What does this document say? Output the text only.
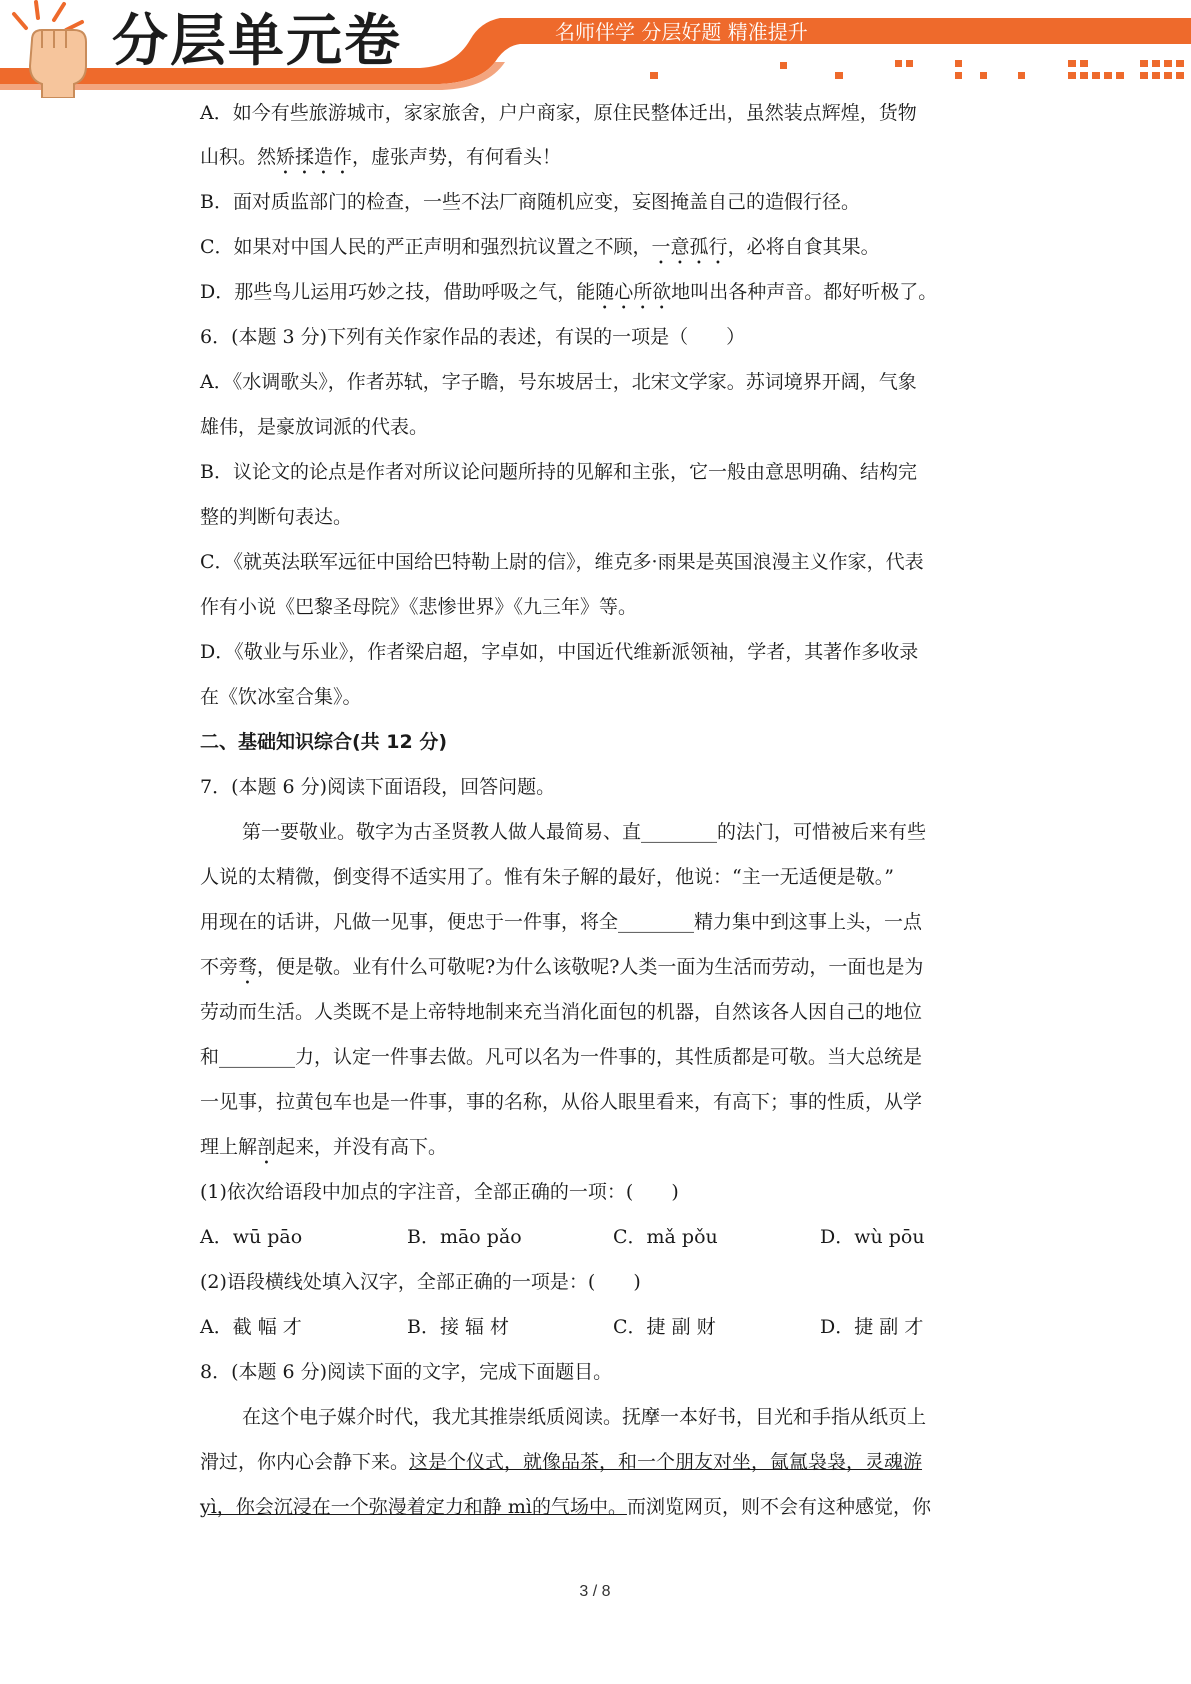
分层单元卷	名师伴学 分层好题 精准提升
A．如今有些旅游城市，家家旅舍，户户商家，原住民整体迁出，虽然装点辉煌，货物
山积。然矫揉造作，虚张声势，有何看头！
B．面对质监部门的检查，一些不法厂商随机应变，妄图掩盖自己的造假行径。
C．如果对中国人民的严正声明和强烈抗议置之不顾，一意孤行，必将自食其果。
D．那些鸟儿运用巧妙之技，借助呼吸之气，能随心所欲地叫出各种声音。都好听极了。
6．(本题 3 分)下列有关作家作品的表述，有误的一项是（　　）
A．《水调歌头》，作者苏轼，字子瞻，号东坡居士，北宋文学家。苏词境界开阔，气象
雄伟，是豪放词派的代表。
B．议论文的论点是作者对所议论问题所持的见解和主张，它一般由意思明确、结构完
整的判断句表达。
C．《就英法联军远征中国给巴特勒上尉的信》，维克多·雨果是英国浪漫主义作家，代表
作有小说《巴黎圣母院》《悲惨世界》《九三年》等。
D．《敬业与乐业》，作者梁启超，字卓如，中国近代维新派领袖，学者，其著作多收录
在《饮冰室合集》。
二、基础知识综合(共 12 分)
7．(本题 6 分)阅读下面语段，回答问题。
第一要敬业。敬字为古圣贤教人做人最简易、直________的法门，可惜被后来有些
人说的太精微，倒变得不适实用了。惟有朱子解的最好，他说：“主一无适便是敬。”
用现在的话讲，凡做一见事，便忠于一件事，将全________精力集中到这事上头，一点
不旁骛，便是敬。业有什么可敬呢?为什么该敬呢?人类一面为生活而劳动，一面也是为
劳动而生活。人类既不是上帝特地制来充当消化面包的机器，自然该各人因自己的地位
和________力，认定一件事去做。凡可以名为一件事的，其性质都是可敬。当大总统是
一见事，拉黄包车也是一件事，事的名称，从俗人眼里看来，有高下；事的性质，从学
理上解剖起来，并没有高下。
(1)依次给语段中加点的字注音，全部正确的一项：(　　)
A．wū pāo	B．māo pǎo	C．mǎ pǒu	D．wù pōu
(2)语段横线处填入汉字，全部正确的一项是：(　　)
A．截 幅 才	B．接 辐 材	C．捷 副 财	D．捷 副 才
8．(本题 6 分)阅读下面的文字，完成下面题目。
在这个电子媒介时代，我尤其推崇纸质阅读。抚摩一本好书，目光和手指从纸页上
滑过，你内心会静下来。这是个仪式，就像品茶，和一个朋友对坐，氤氲袅袅，灵魂游
yì，你会沉浸在一个弥漫着定力和静 mì的气场中。而浏览网页，则不会有这种感觉，你
3 / 8
